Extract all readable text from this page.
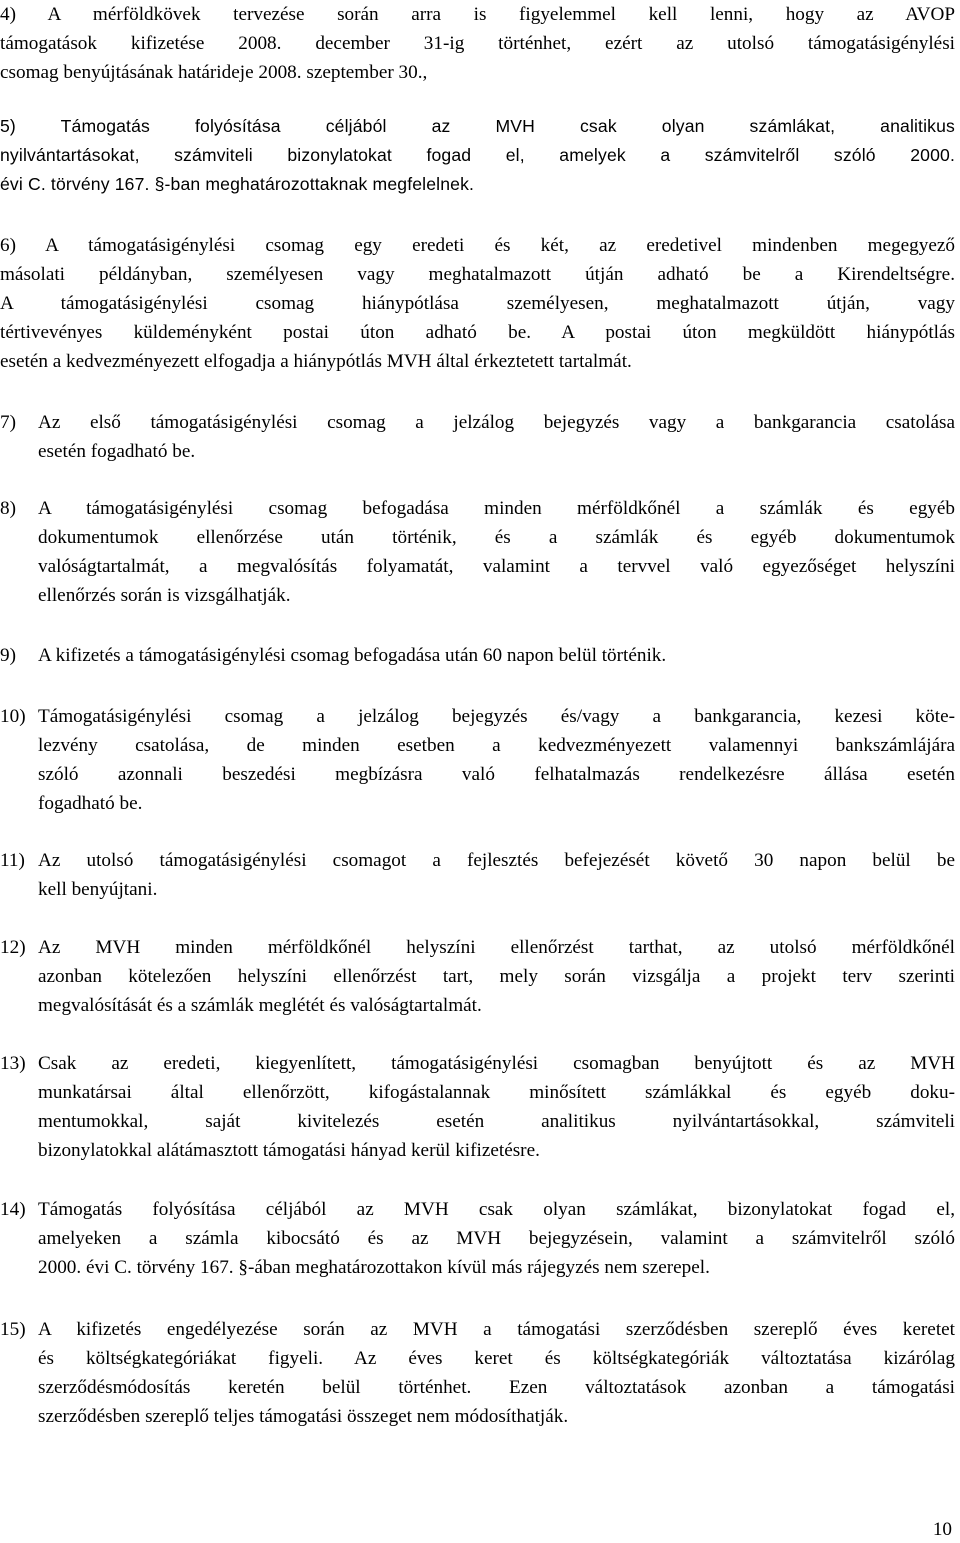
4) A mérföldkövek tervezése során arra is figyelemmel kell lenni, hogy az AVOP
támogatások kifizetése 2008. december 31-ig történhet, ezért az utolsó támogatásigénylési
csomag benyújtásának határideje 2008. szeptember 30.,
5) Támogatás folyósítása céljából az MVH csak olyan számlákat, analitikus
nyilvántartásokat, számviteli bizonylatokat fogad el, amelyek a számvitelről szóló 2000.
évi C. törvény 167. §-ban meghatározottaknak megfelelnek.
6) A támogatásigénylési csomag egy eredeti és két, az eredetivel mindenben megegyező
másolati példányban, személyesen vagy meghatalmazott útján adható be a Kirendeltségre.
A támogatásigénylési csomag hiánypótlása személyesen, meghatalmazott útján, vagy
tértivevényes küldeményként postai úton adható be. A postai úton megküldött hiánypótlás
esetén a kedvezményezett elfogadja a hiánypótlás MVH által érkeztetett tartalmát.
7) Az első támogatásigénylési csomag a jelzálog bejegyzés vagy a bankgarancia csatolása
esetén fogadható be.
8) A támogatásigénylési csomag befogadása minden mérföldkőnél a számlák és egyéb
dokumentumok ellenőrzése után történik, és a számlák és egyéb dokumentumok
valóságtartalmát, a megvalósítás folyamatát, valamint a tervvel való egyezőséget helyszíni
ellenőrzés során is vizsgálhatják.
9) A kifizetés a támogatásigénylési csomag befogadása után 60 napon belül történik.
10) Támogatásigénylési csomag a jelzálog bejegyzés és/vagy a bankgarancia, kezesi köte-
lezvény csatolása, de minden esetben a kedvezményezett valamennyi bankszámlájára
szóló azonnali beszedési megbízásra való felhatalmazás rendelkezésre állása esetén
fogadható be.
11) Az utolsó támogatásigénylési csomagot a fejlesztés befejezését követő 30 napon belül be
kell benyújtani.
12) Az MVH minden mérföldkőnél helyszíni ellenőrzést tarthat, az utolsó mérföldkőnél
azonban kötelezően helyszíni ellenőrzést tart, mely során vizsgálja a projekt terv szerinti
megvalósítását és a számlák meglétét és valóságtartalmát.
13) Csak az eredeti, kiegyenlített, támogatásigénylési csomagban benyújtott és az MVH
munkatársai által ellenőrzött, kifogástalannak minősített számlákkal és egyéb doku-
mentumokkal, saját kivitelezés esetén analitikus nyilvántartásokkal, számviteli
bizonylatokkal alátámasztott támogatási hányad kerül kifizetésre.
14) Támogatás folyósítása céljából az MVH csak olyan számlákat, bizonylatokat fogad el,
amelyeken a számla kibocsátó és az MVH bejegyzésein, valamint a számvitelről szóló
2000. évi C. törvény 167. §-ában meghatározottakon kívül más rájegyzés nem szerepel.
15) A kifizetés engedélyezése során az MVH a támogatási szerződésben szereplő éves keretet
és költségkategóriákat figyeli. Az éves keret és költségkategóriák változtatása kizárólag
szerződésmódosítás keretén belül történhet. Ezen változtatások azonban a támogatási
szerződésben szereplő teljes támogatási összeget nem módosíthatják.
10
